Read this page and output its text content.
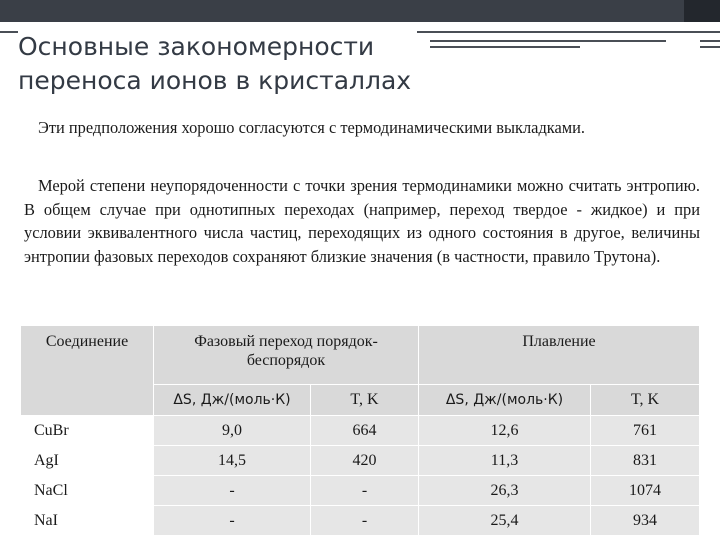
Основные закономерности
переноса ионов в кристаллах

Эти предположения хорошо согласуются с термодинамическими выкладками.

Мерой степени неупорядоченности с точки зрения термодинамики можно считать энтропию. В общем случае при однотипных переходах (например, переход твердое - жидкое) и при условии эквивалентного числа частиц, переходящих из одного состояния в другое, величины энтропии фазовых переходов сохраняют близкие значения (в частности, правило Трутона).

Соединение	Фазовый переход порядок-беспорядок		Плавление	
	ΔS, Дж/(моль·К)	T, K	ΔS, Дж/(моль·К)	T, K
CuBr	9,0	664	12,6	761
AgI	14,5	420	11,3	831
NaCl	-	-	26,3	1074
NaI	-	-	25,4	934
